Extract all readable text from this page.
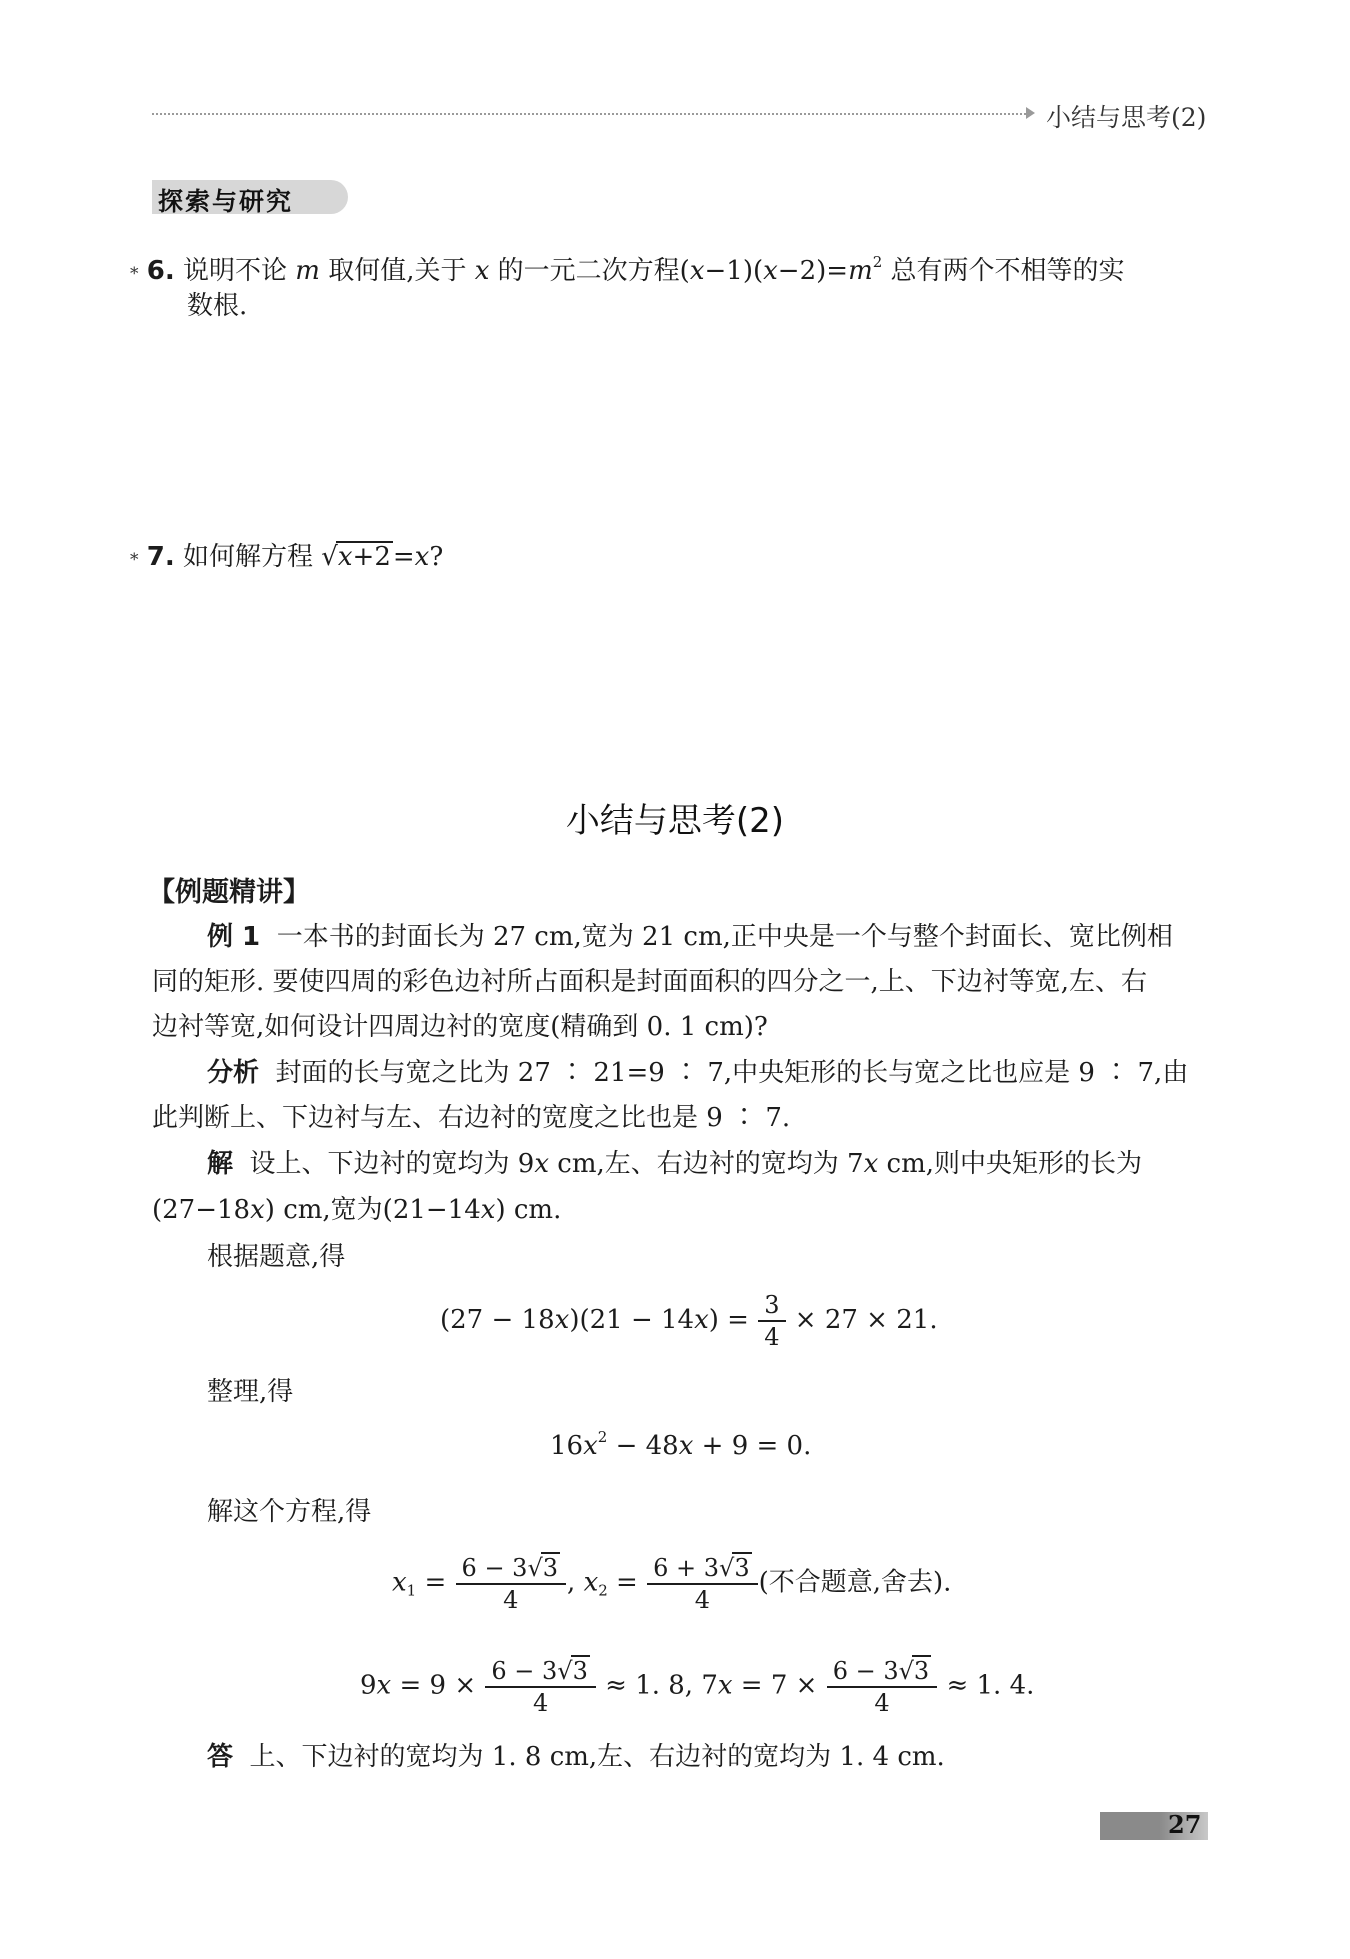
小结与思考(2)
探索与研究
* 6. 说明不论 m 取何值,关于 x 的一元二次方程$(x-1)(x-2)=m^2$ 总有两个不相等的实
数根.
* 7. 如何解方程 √x+2=x?
小结与思考(2)
【例题精讲】
例 1 一本书的封面长为 27 cm,宽为 21 cm,正中央是一个与整个封面长、宽比例相
同的矩形. 要使四周的彩色边衬所占面积是封面面积的四分之一,上、下边衬等宽,左、右
边衬等宽,如何设计四周边衬的宽度(精确到 0. 1 cm)?
分析 封面的长与宽之比为 27 ∶ 21=9 ∶ 7,中央矩形的长与宽之比也应是 9 ∶ 7,由
此判断上、下边衬与左、右边衬的宽度之比也是 9 ∶ 7.
解 设上、下边衬的宽均为 9x cm,左、右边衬的宽均为 7x cm,则中央矩形的长为
(27−18x) cm,宽为(21−14x) cm.
根据题意,得
$(27 - 18x)(21 - 14x) = \frac{3}{4} \times 27 \times 21$.
整理,得
$16x^2 - 48x + 9 = 0$.
解这个方程,得
$x_1 = \frac{6 - 3√3}{4}$ , $x_2 = \frac{6 + 3√3}{4}$ (不合题意,舍去).
$9x = 9 \times \frac{6 - 3√3}{4} \approx 1$. 8, $7x = 7 \times \frac{6 - 3√3}{4} \approx 1$. 4.
答 上、下边衬的宽均为 1. 8 cm,左、右边衬的宽均为 1. 4 cm.
27
